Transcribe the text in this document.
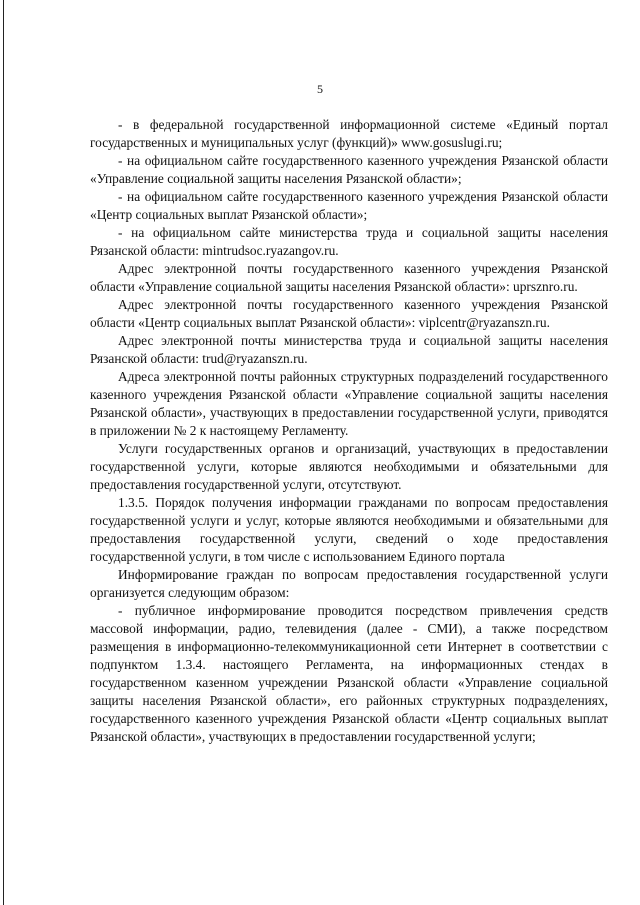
5

- в федеральной государственной информационной системе «Единый портал государственных и муниципальных услуг (функций)» www.gosuslugi.ru;

- на официальном сайте государственного казенного учреждения Рязанской области «Управление социальной защиты населения Рязанской области»;

- на официальном сайте государственного казенного учреждения Рязанской области «Центр социальных выплат Рязанской области»;

- на официальном сайте министерства труда и социальной защиты населения Рязанской области: mintrudsoc.ryazangov.ru.

Адрес электронной почты государственного казенного учреждения Рязанской области «Управление социальной защиты населения Рязанской области»: uprsznro.ru.

Адрес электронной почты государственного казенного учреждения Рязанской области «Центр социальных выплат Рязанской области»: viplcentr@ryazanszn.ru.

Адрес электронной почты министерства труда и социальной защиты населения Рязанской области: trud@ryazanszn.ru.

Адреса электронной почты районных структурных подразделений государственного казенного учреждения Рязанской области «Управление социальной защиты населения Рязанской области», участвующих в предоставлении государственной услуги, приводятся в приложении № 2 к настоящему Регламенту.

Услуги государственных органов и организаций, участвующих в предоставлении государственной услуги, которые являются необходимыми и обязательными для предоставления государственной услуги, отсутствуют.

1.3.5. Порядок получения информации гражданами по вопросам предоставления государственной услуги и услуг, которые являются необходимыми и обязательными для предоставления государственной услуги, сведений о ходе предоставления государственной услуги, в том числе с использованием Единого портала

Информирование граждан по вопросам предоставления государственной услуги организуется следующим образом:

- публичное информирование проводится посредством привлечения средств массовой информации, радио, телевидения (далее - СМИ), а также посредством размещения в информационно-телекоммуникационной сети Интернет в соответствии с подпунктом 1.3.4. настоящего Регламента, на информационных стендах в государственном казенном учреждении Рязанской области «Управление социальной защиты населения Рязанской области», его районных структурных подразделениях, государственного казенного учреждения Рязанской области «Центр социальных выплат Рязанской области», участвующих в предоставлении государственной услуги;
